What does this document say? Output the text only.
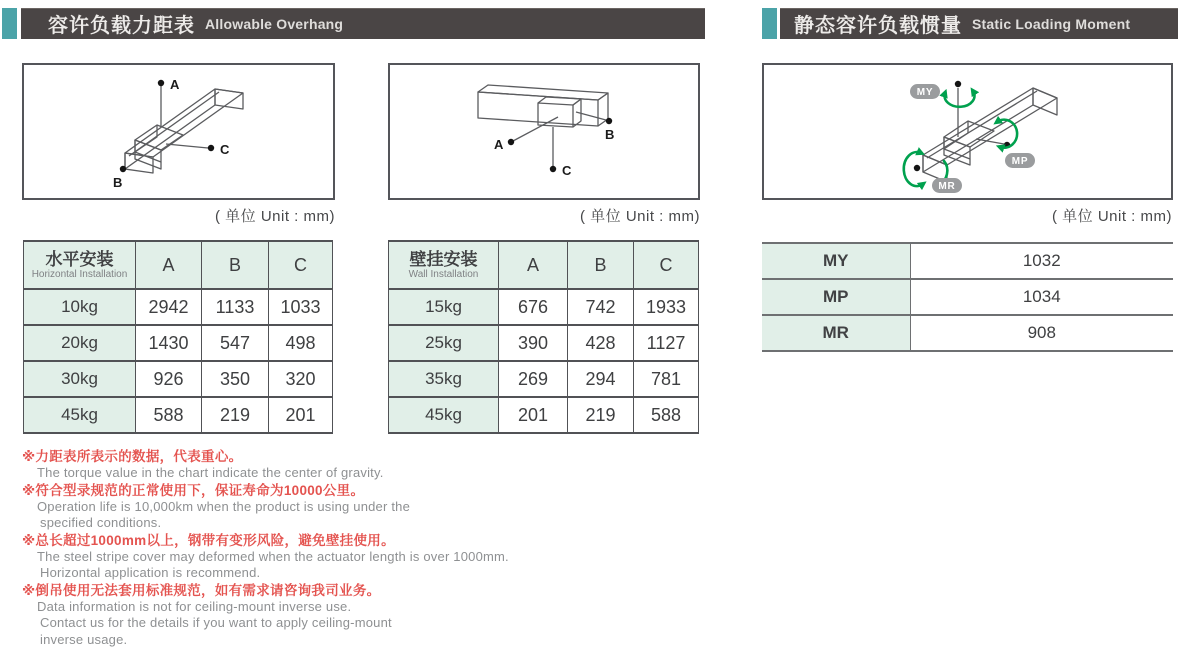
容许负载力距表 Allowable Overhang	静态容许负载惯量 Static Loading Moment
A
C
B
B
A
C
MY
MP
MR
( 单位 Unit : mm)	( 单位 Unit : mm)	( 单位 Unit : mm)
水平安装
Horizontal Installation	A	B	C
10kg	2942	1133	1033
20kg	1430	547	498
30kg	926	350	320
45kg	588	219	201
壁挂安装
Wall Installation	A	B	C
15kg	676	742	1933
25kg	390	428	1127
35kg	269	294	781
45kg	201	219	588
MY	1032
MP	1034
MR	908
※力距表所表示的数据，代表重心。
The torque value in the chart indicate the center of gravity.
※符合型录规范的正常使用下，保证寿命为10000公里。
Operation life is 10,000km when the product is using under the
specified conditions.
※总长超过1000mm以上，钢带有变形风险，避免壁挂使用。
The steel stripe cover may deformed when the actuator length is over 1000mm.
Horizontal application is recommend.
※倒吊使用无法套用标准规范，如有需求请咨询我司业务。
Data information is not for ceiling-mount inverse use.
Contact us for the details if you want to apply ceiling-mount
inverse usage.
